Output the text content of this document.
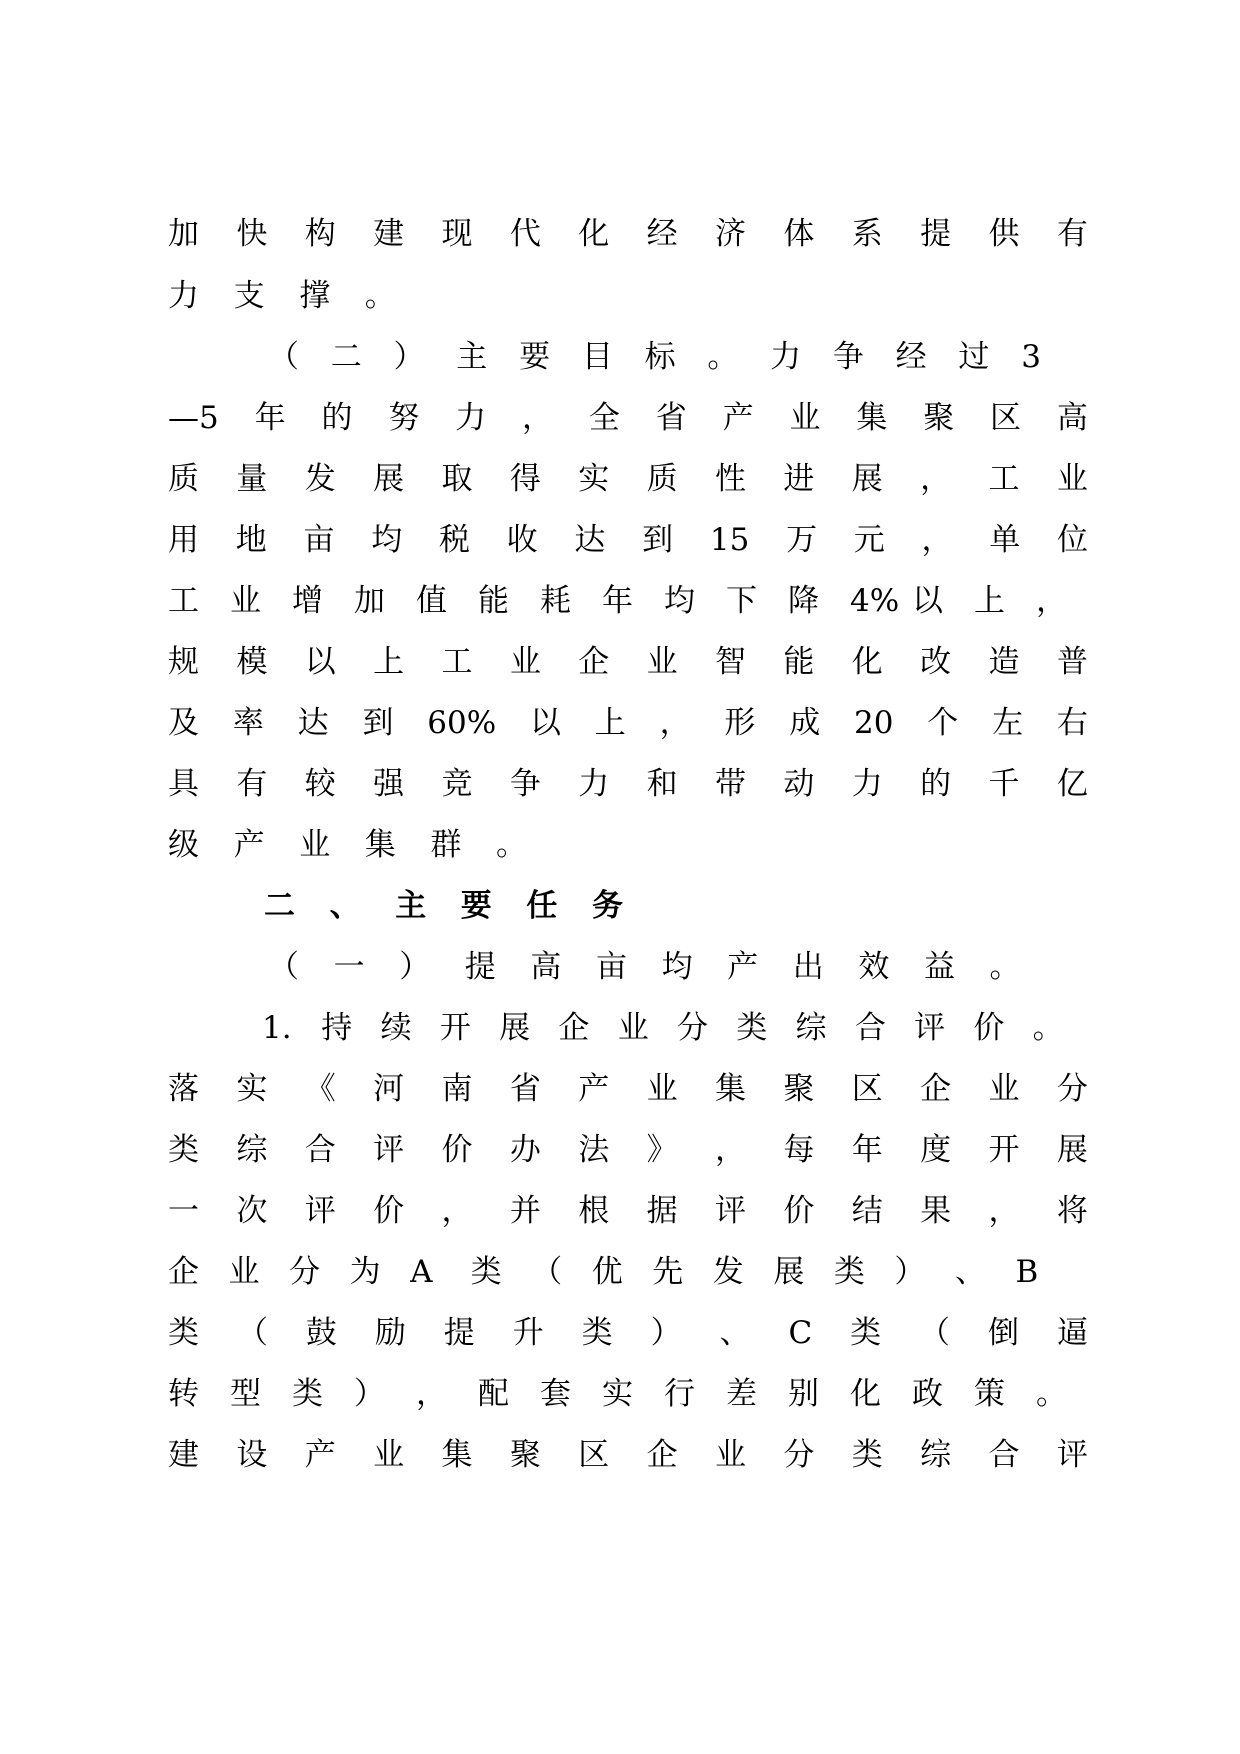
加 快 构 建 现 代 化 经 济 体 系 提 供 有
力	支	撑	。
（	二	）	主	要	目	标	。	力	争	经	过	3
—5 年 的 努 力 ， 全 省 产 业 集 聚 区 高
质 量 发 展 取 得 实 质 性 进 展 ， 工 业
用 地 亩 均 税 收 达 到 15 万 元 ， 单 位
工	业	增	加	值	能	耗	年	均	下	降	4% 以	上	，
规 模 以 上 工 业 企 业 智 能 化 改 造 普
及 率 达 到 60% 以 上 ， 形 成 20 个 左 右
具 有 较 强 竞 争 力 和 带 动 力 的 千 亿
级	产	业	集	群	。
二	、	主	要	任	务
（	一	）	提	高	亩	均	产	出	效	益	。
1. 持 续 开 展 企 业 分 类 综 合 评 价 。
落 实 《 河 南 省 产 业 集 聚 区 企 业 分
类 综 合 评 价 办 法 》 ， 每 年 度 开 展
一 次 评 价 ， 并 根 据 评 价 结 果 ， 将
企 业 分 为 A	类 （ 优 先 发 展 类 ） 、 B
类 （ 鼓 励 提 升 类 ） 、 C 类 （ 倒 逼
转	型	类	）	，	配	套	实	行	差	别	化	政	策	。
建 设 产 业 集 聚 区 企 业 分 类 综 合 评
